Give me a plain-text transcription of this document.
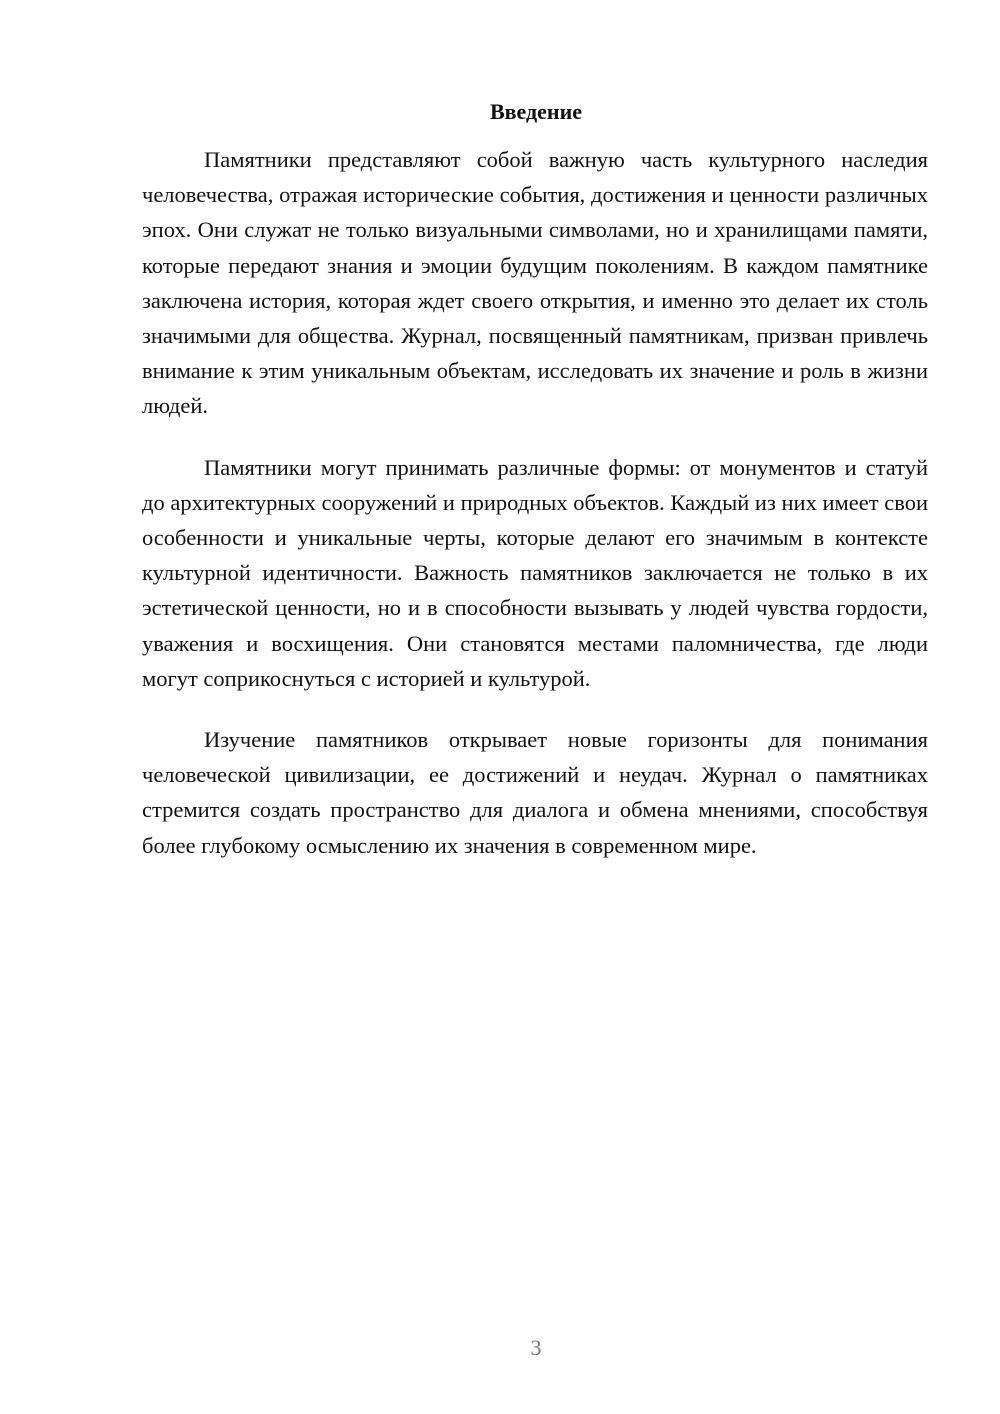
Введение

Памятники представляют собой важную часть культурного наследия человечества, отражая исторические события, достижения и ценности различных эпох. Они служат не только визуальными символами, но и хранилищами памяти, которые передают знания и эмоции будущим поколениям. В каждом памятнике заключена история, которая ждет своего открытия, и именно это делает их столь значимыми для общества. Журнал, посвященный памятникам, призван привлечь внимание к этим уникальным объектам, исследовать их значение и роль в жизни людей.

Памятники могут принимать различные формы: от монументов и статуй до архитектурных сооружений и природных объектов. Каждый из них имеет свои особенности и уникальные черты, которые делают его значимым в контексте культурной идентичности. Важность памятников заключается не только в их эстетической ценности, но и в способности вызывать у людей чувства гордости, уважения и восхищения. Они становятся местами паломничества, где люди могут соприкоснуться с историей и культурой.

Изучение памятников открывает новые горизонты для понимания человеческой цивилизации, ее достижений и неудач. Журнал о памятниках стремится создать пространство для диалога и обмена мнениями, способствуя более глубокому осмыслению их значения в современном мире.

3
